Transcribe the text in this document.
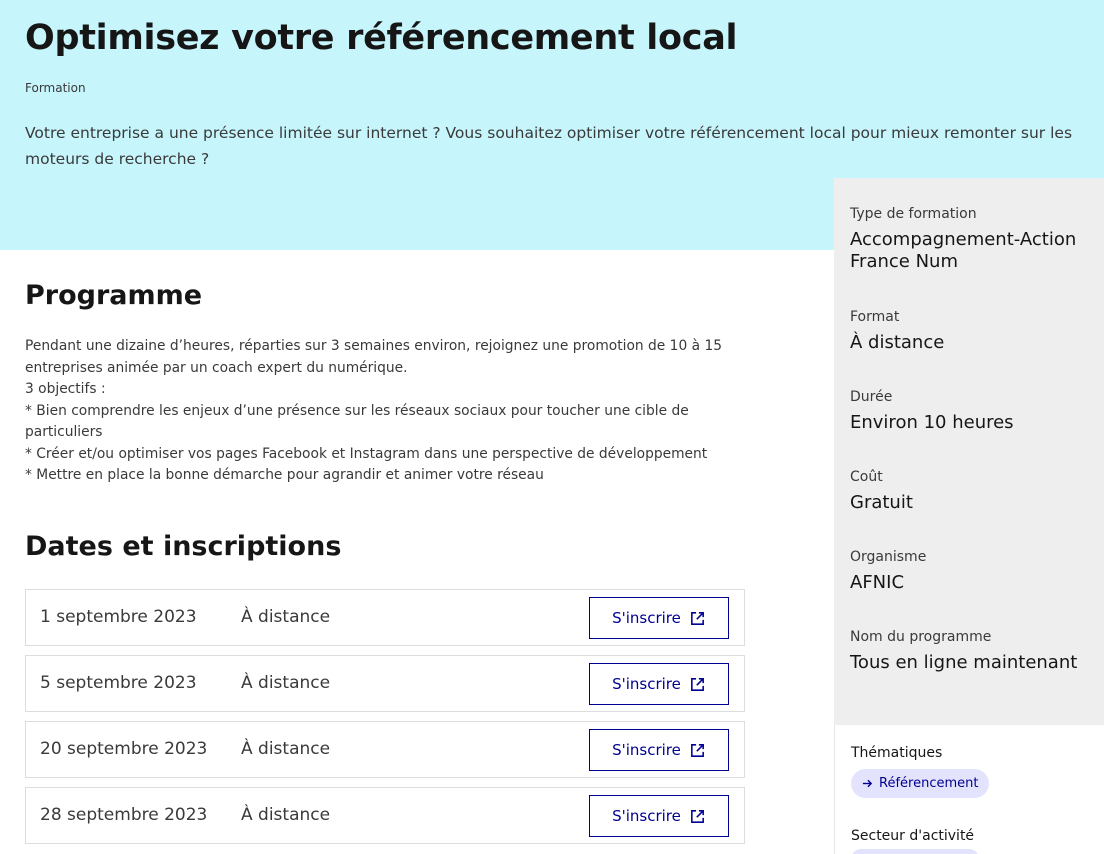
Optimisez votre référencement local
Formation

Votre entreprise a une présence limitée sur internet ? Vous souhaitez optimiser votre référencement local pour mieux remonter sur les moteurs de recherche ?

Programme

Pendant une dizaine d’heures, réparties sur 3 semaines environ, rejoignez une promotion de 10 à 15 entreprises animée par un coach expert du numérique.
3 objectifs :
* Bien comprendre les enjeux d’une présence sur les réseaux sociaux pour toucher une cible de particuliers
* Créer et/ou optimiser vos pages Facebook et Instagram dans une perspective de développement
* Mettre en place la bonne démarche pour agrandir et animer votre réseau

Dates et inscriptions
1 septembre 2023	À distance	S'inscrire
5 septembre 2023	À distance	S'inscrire
20 septembre 2023 À distance	S'inscrire
28 septembre 2023 À distance	S'inscrire
Type de formation
Accompagnement-Action France Num
Format
À distance
Durée
Environ 10 heures
Coût
Gratuit
Organisme
AFNIC
Nom du programme
Tous en ligne maintenant
Thématiques
Référencement
Secteur d'activité
